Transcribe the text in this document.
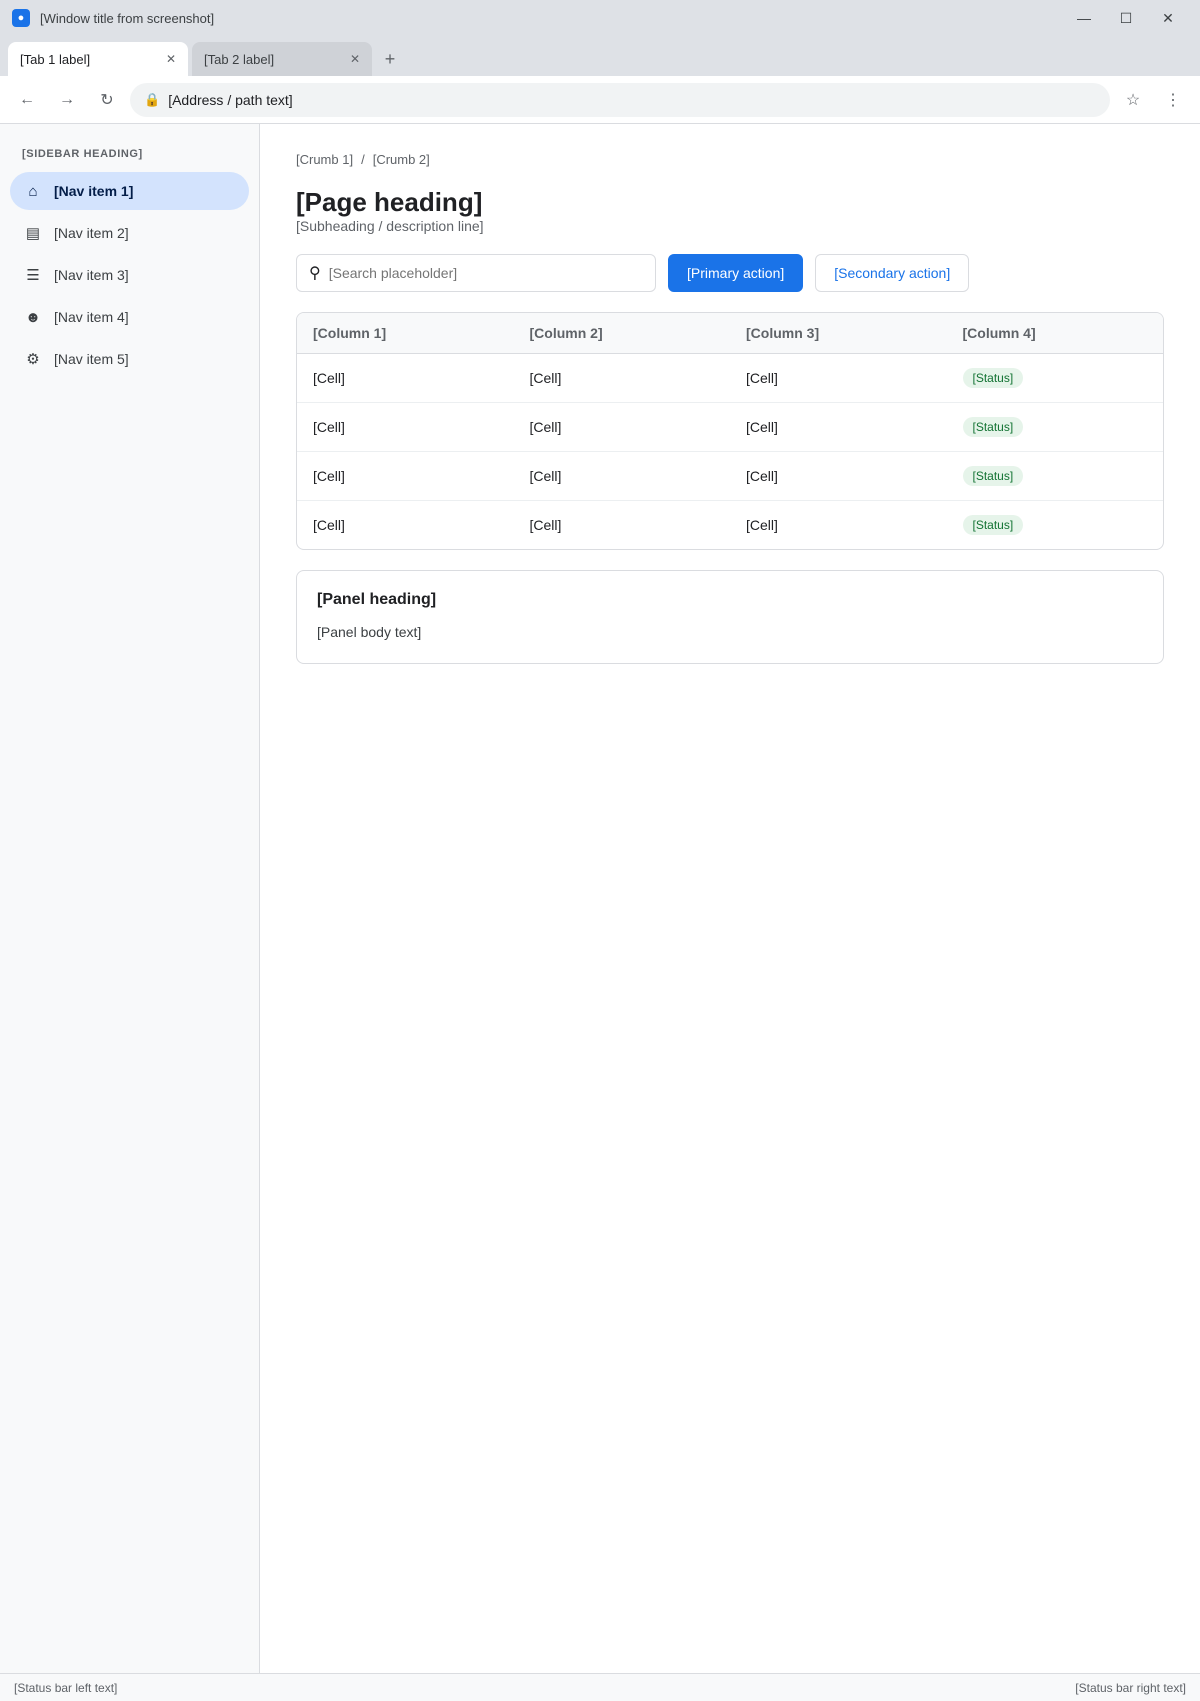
●	[Window title from screenshot]	—	☐	✕
[Tab 1 label]	✕ [Tab 2 label]	✕	+
←	→	↻	🔒
[Address / path text]	☆	⋮
[SIDEBAR HEADING]
⌂	[Nav item 1]
▤ [Nav item 2]
☰ [Nav item 3]
☻ [Nav item 4]
⚙ [Nav item 5]
[Crumb 1] / [Crumb 2]
[Page heading]
[Subheading / description line]
⚲
[Search placeholder]	[Primary action]	[Secondary action]
[Column 1]	[Column 2]	[Column 3]	[Column 4]
[Cell]	[Cell]	[Cell]	[Status]
[Cell]	[Cell]	[Cell]	[Status]
[Cell]	[Cell]	[Cell]	[Status]
[Cell]	[Cell]	[Cell]	[Status]
[Panel heading]
[Panel body text]
[Status bar left text]	[Status bar right text]
